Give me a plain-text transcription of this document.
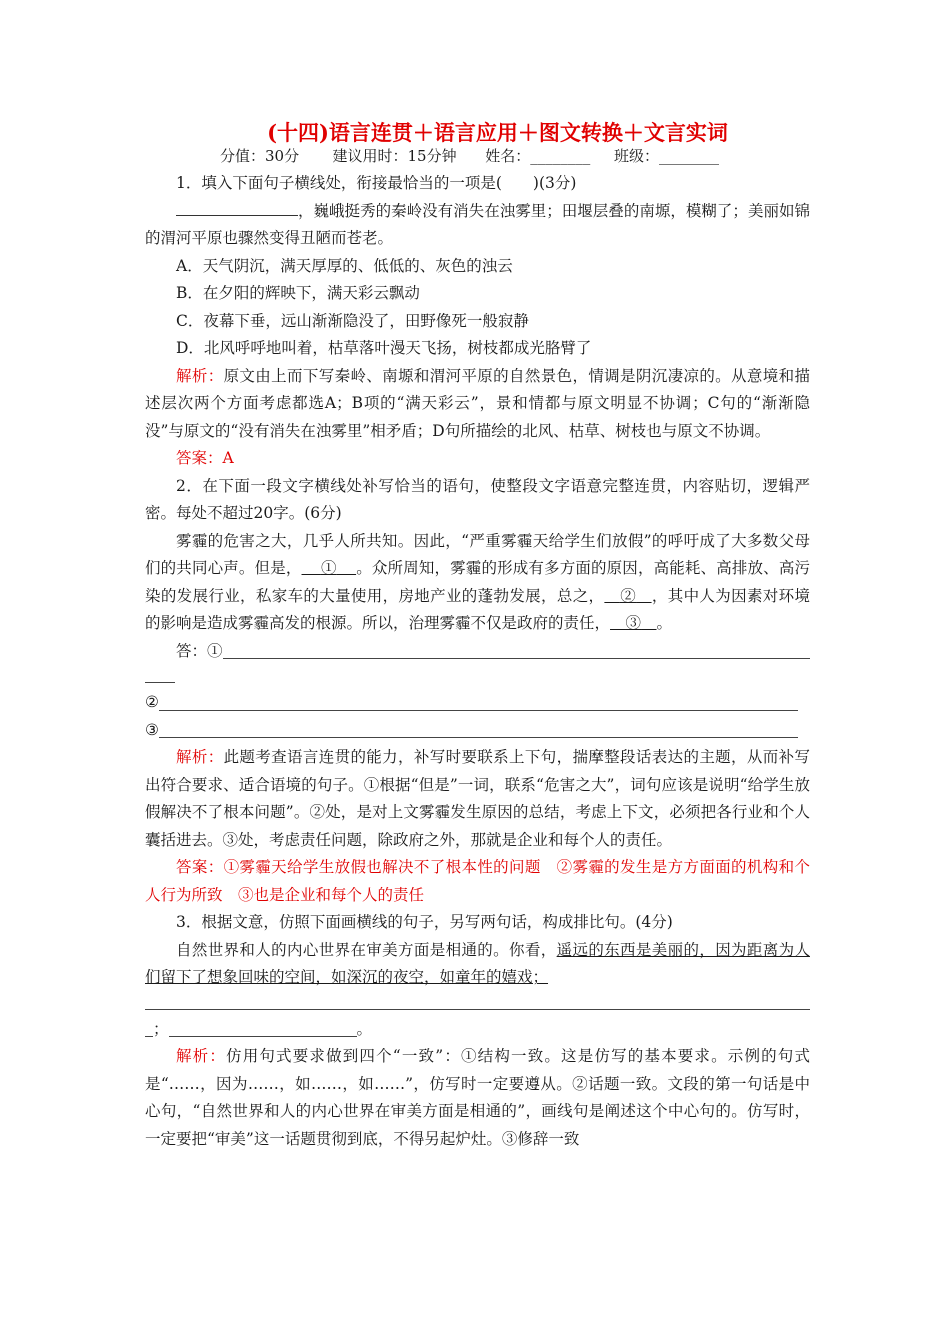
(十四)语言连贯＋语言应用＋图文转换＋文言实词
分值：30分 建议用时：15分钟 姓名：________ 班级：________

1．填入下面句子横线处，衔接最恰当的一项是(　　)(3分)

，巍峨挺秀的秦岭没有消失在浊雾里；田堰层叠的南塬，模糊了；美丽如锦的渭河平原也骤然变得丑陋而苍老。

A．天气阴沉，满天厚厚的、低低的、灰色的浊云

B．在夕阳的辉映下，满天彩云飘动

C．夜幕下垂，远山渐渐隐没了，田野像死一般寂静

D．北风呼呼地叫着，枯草落叶漫天飞扬，树枝都成光胳臂了

解析：原文由上而下写秦岭、南塬和渭河平原的自然景色，情调是阴沉凄凉的。从意境和描述层次两个方面考虑都选A；B项的“满天彩云”，景和情都与原文明显不协调；C句的“渐渐隐没”与原文的“没有消失在浊雾里”相矛盾；D句所描绘的北风、枯草、树枝也与原文不协调。

答案：A

2．在下面一段文字横线处补写恰当的语句，使整段文字语意完整连贯，内容贴切，逻辑严密。每处不超过20字。(6分)

雾霾的危害之大，几乎人所共知。因此，“严重雾霾天给学生们放假”的呼吁成了大多数父母们的共同心声。但是，   ①   。众所周知，雾霾的形成有多方面的原因，高能耗、高排放、高污染的发展行业，私家车的大量使用，房地产业的蓬勃发展，总之，  ②  ，其中人为因素对环境的影响是造成雾霾高发的根源。所以，治理雾霾不仅是政府的责任，  ③  。

答：①
②
③

解析：此题考查语言连贯的能力，补写时要联系上下句，揣摩整段话表达的主题，从而补写出符合要求、适合语境的句子。①根据“但是”一词，联系“危害之大”，词句应该是说明“给学生放假解决不了根本问题”。②处，是对上文雾霾发生原因的总结，考虑上下文，必须把各行业和个人囊括进去。③处，考虑责任问题，除政府之外，那就是企业和每个人的责任。

答案：①雾霾天给学生放假也解决不了根本性的问题　②雾霾的发生是方方面面的机构和个人行为所致　③也是企业和每个人的责任

3．根据文意，仿照下面画横线的句子，另写两句话，构成排比句。(4分)

自然世界和人的内心世界在审美方面是相通的。你看，遥远的东西是美丽的，因为距离为人们留下了想象回味的空间，如深沉的夜空，如童年的嬉戏；

；	。

解析：仿用句式要求做到四个“一致”：①结构一致。这是仿写的基本要求。示例的句式是“……，因为……，如……，如……”，仿写时一定要遵从。②话题一致。文段的第一句话是中心句，“自然世界和人的内心世界在审美方面是相通的”，画线句是阐述这个中心句的。仿写时，一定要把“审美”这一话题贯彻到底，不得另起炉灶。③修辞一致
